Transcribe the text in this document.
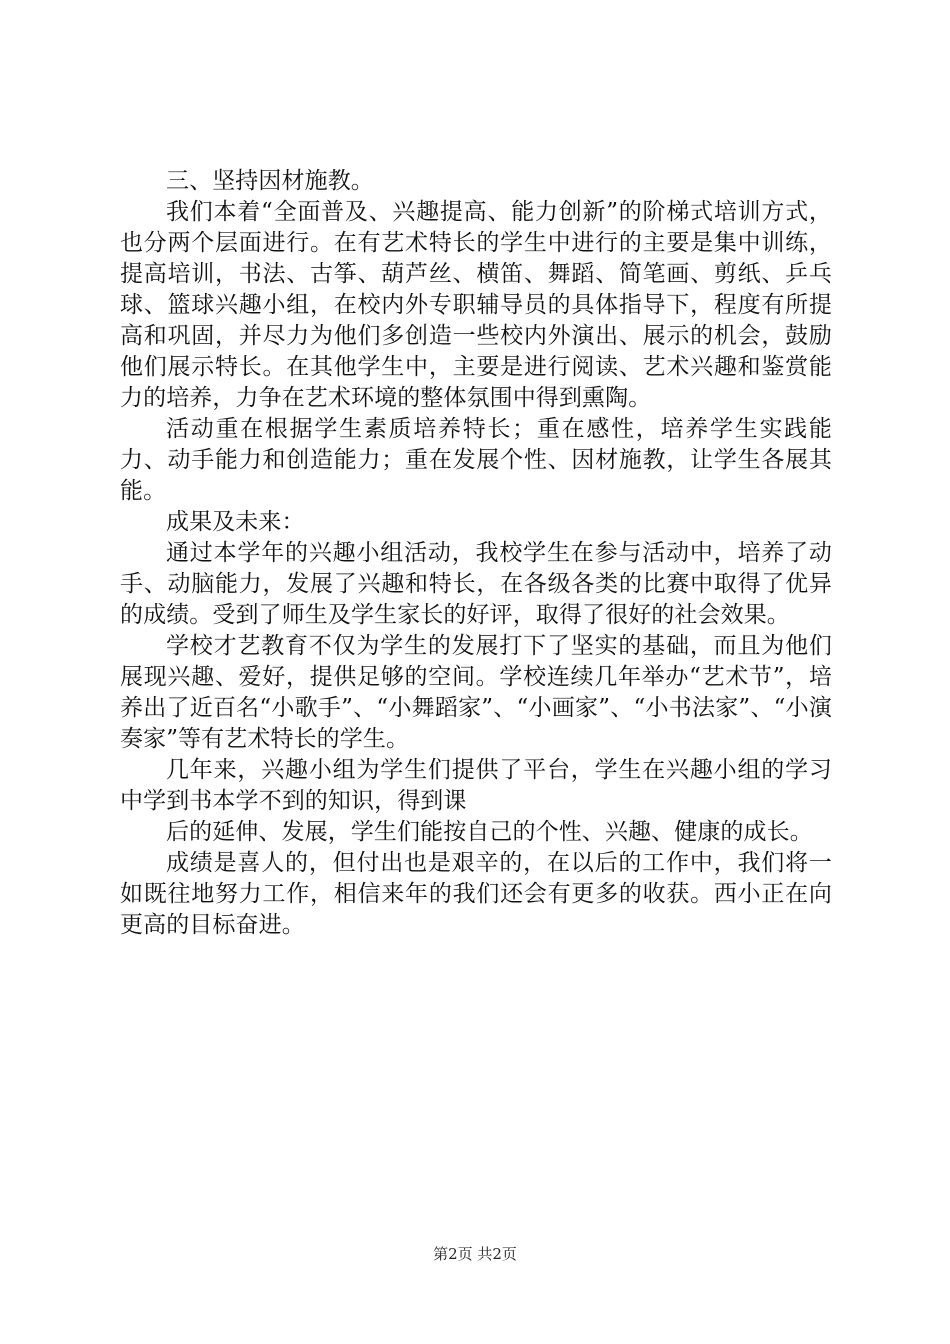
三、坚持因材施教。

我们本着“全面普及、兴趣提高、能力创新”的阶梯式培训方式，也分两个层面进行。在有艺术特长的学生中进行的主要是集中训练，提高培训，书法、古筝、葫芦丝、横笛、舞蹈、简笔画、剪纸、乒乓球、篮球兴趣小组，在校内外专职辅导员的具体指导下，程度有所提高和巩固，并尽力为他们多创造一些校内外演出、展示的机会，鼓励他们展示特长。在其他学生中，主要是进行阅读、艺术兴趣和鉴赏能力的培养，力争在艺术环境的整体氛围中得到熏陶。

活动重在根据学生素质培养特长；重在感性，培养学生实践能力、动手能力和创造能力；重在发展个性、因材施教，让学生各展其能。

成果及未来：

通过本学年的兴趣小组活动，我校学生在参与活动中，培养了动手、动脑能力，发展了兴趣和特长，在各级各类的比赛中取得了优异的成绩。受到了师生及学生家长的好评，取得了很好的社会效果。

学校才艺教育不仅为学生的发展打下了坚实的基础，而且为他们展现兴趣、爱好，提供足够的空间。学校连续几年举办“艺术节”，培养出了近百名“小歌手”、“小舞蹈家”、“小画家”、“小书法家”、“小演奏家”等有艺术特长的学生。

几年来，兴趣小组为学生们提供了平台，学生在兴趣小组的学习中学到书本学不到的知识，得到课

后的延伸、发展，学生们能按自己的个性、兴趣、健康的成长。

成绩是喜人的，但付出也是艰辛的，在以后的工作中，我们将一如既往地努力工作，相信来年的我们还会有更多的收获。西小正在向更高的目标奋进。

第2页 共2页
